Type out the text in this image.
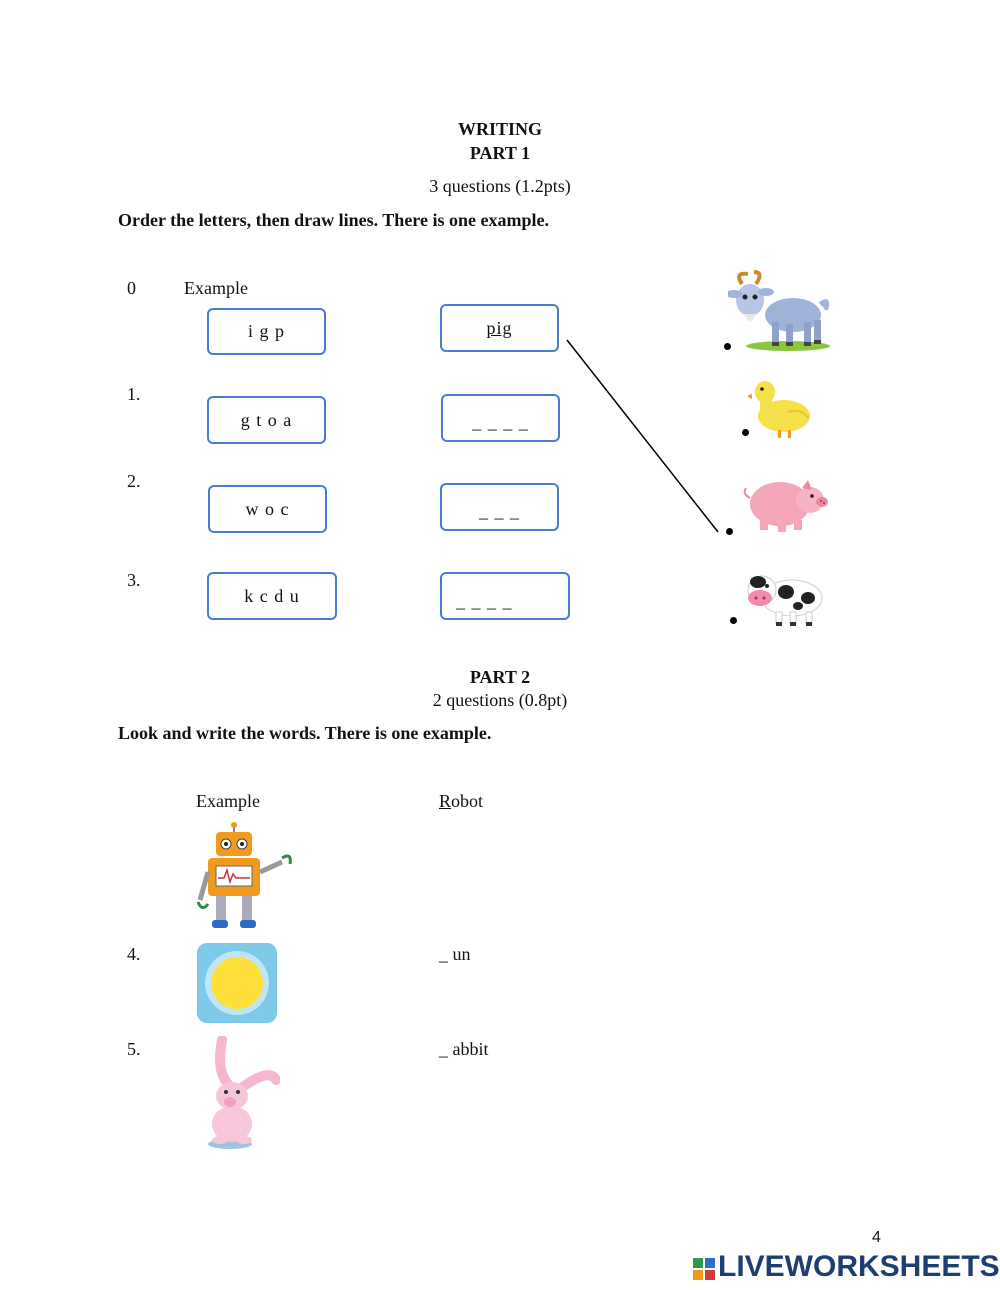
WRITING
PART 1
3 questions (1.2pts)
Order the letters, then draw lines. There is one example.
0	Example
i g p	pig
1.
g t o a	_ _ _ _
2.
w o c	_ _ _
3.
k c d u	_ _ _ _
PART 2
2 questions (0.8pt)
Look and write the words. There is one example.
Example	Robot
4.	_ un
5.	_ abbit
4
LIVEWORKSHEETS
